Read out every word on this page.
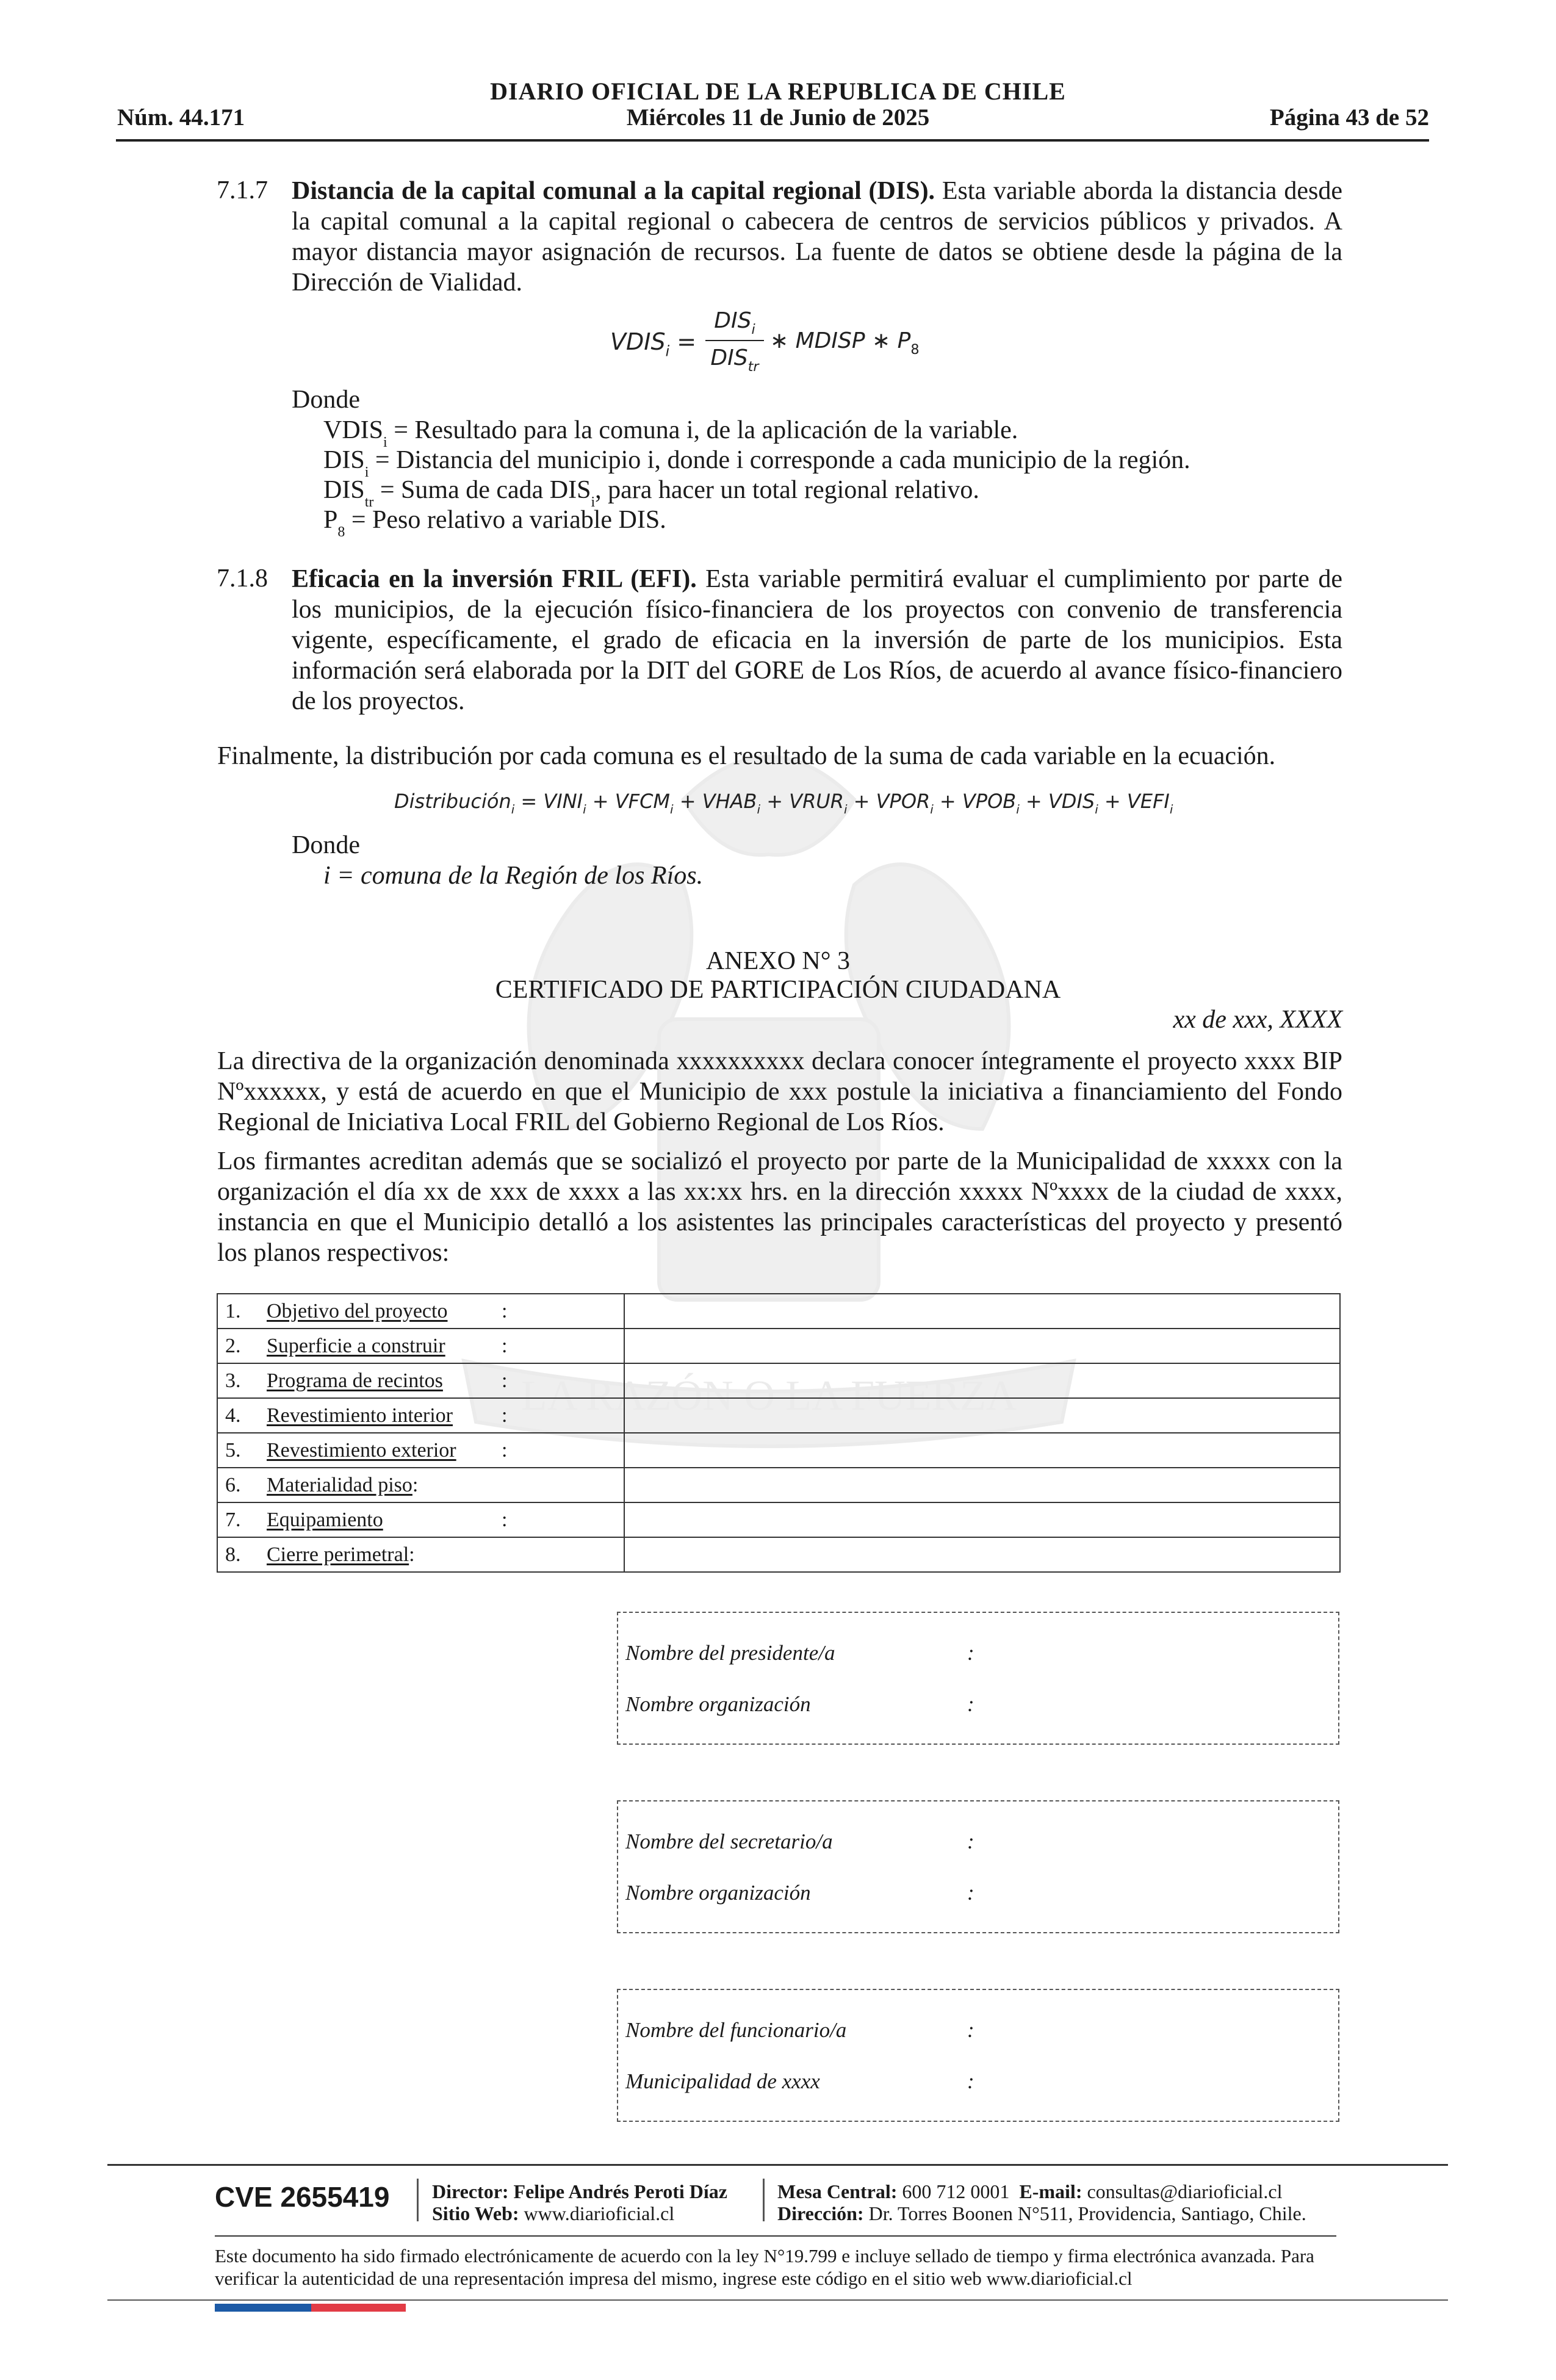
LA RAZÓN O LA FUERZA
DIARIO OFICIAL DE LA REPUBLICA DE CHILE
Miércoles 11 de Junio de 2025
Núm. 44.171	Página 43 de 52
7.1.7 Distancia de la capital comunal a la capital regional (DIS). Esta variable aborda la distancia desde la capital comunal a la capital regional o cabecera de centros de servicios públicos y privados. A mayor distancia mayor asignación de recursos. La fuente de datos se obtiene desde la página de la Dirección de Vialidad.
$VDIS_i$ =
$DIS_i$
$DIS_{tr}$
∗ MDISP ∗ $P_8$
Donde
$VDIS_i$ = Resultado para la comuna i, de la aplicación de la variable.
$DIS_i$ = Distancia del municipio i, donde i corresponde a cada municipio de la región.
$DIS_{tr}$ = Suma de cada $DIS_i$, para hacer un total regional relativo.
$P_8$ = Peso relativo a variable DIS.
7.1.8 Eficacia en la inversión FRIL (EFI). Esta variable permitirá evaluar el cumplimiento por parte de los municipios, de la ejecución físico-financiera de los proyectos con convenio de transferencia vigente, específicamente, el grado de eficacia en la inversión de parte de los municipios. Esta información será elaborada por la DIT del GORE de Los Ríos, de acuerdo al avance físico-financiero de los proyectos.
Finalmente, la distribución por cada comuna es el resultado de la suma de cada variable en la ecuación.
Distribución$_i$ = $VINI_i$ + $VFCM_i$ + $VHAB_i$ + $VRUR_i$ + $VPOR_i$ + $VPOB_i$ + $VDIS_i$ + $VEFI_i$
Donde
i = comuna de la Región de los Ríos.
ANEXO N° 3
CERTIFICADO DE PARTICIPACIÓN CIUDADANA
xx de xxx, XXXX
La directiva de la organización denominada xxxxxxxxxx declara conocer íntegramente el proyecto xxxx BIP Nºxxxxxx, y está de acuerdo en que el Municipio de xxx postule la iniciativa a financiamiento del Fondo Regional de Iniciativa Local FRIL del Gobierno Regional de Los Ríos.
Los firmantes acreditan además que se socializó el proyecto por parte de la Municipalidad de xxxxx con la organización el día xx de xxx de xxxx a las xx:xx hrs. en la dirección xxxxx Nºxxxx de la ciudad de xxxx, instancia en que el Municipio detalló a los asistentes las principales características del proyecto y presentó los planos respectivos:
1. Objetivo del proyecto :	

2. Superficie a construir :	

3. Programa de recintos :	

4. Revestimiento interior :	

5. Revestimiento exterior :	

6. Materialidad piso:	
7. Equipamiento :	

8. Cierre perimetral:	
Nombre del presidente/a	:
Nombre organización	:
Nombre del secretario/a	:
Nombre organización	:
Nombre del funcionario/a	:
Municipalidad de xxxx	:
CVE 2655419 Director: Felipe Andrés Peroti Díaz
Sitio Web: www.diarioficial.cl
Mesa Central: 600 712 0001 E-mail: consultas@diarioficial.cl
Dirección: Dr. Torres Boonen N°511, Providencia, Santiago, Chile.
Este documento ha sido firmado electrónicamente de acuerdo con la ley N°19.799 e incluye sellado de tiempo y firma electrónica avanzada. Para verificar la autenticidad de una representación impresa del mismo, ingrese este código en el sitio web www.diarioficial.cl
